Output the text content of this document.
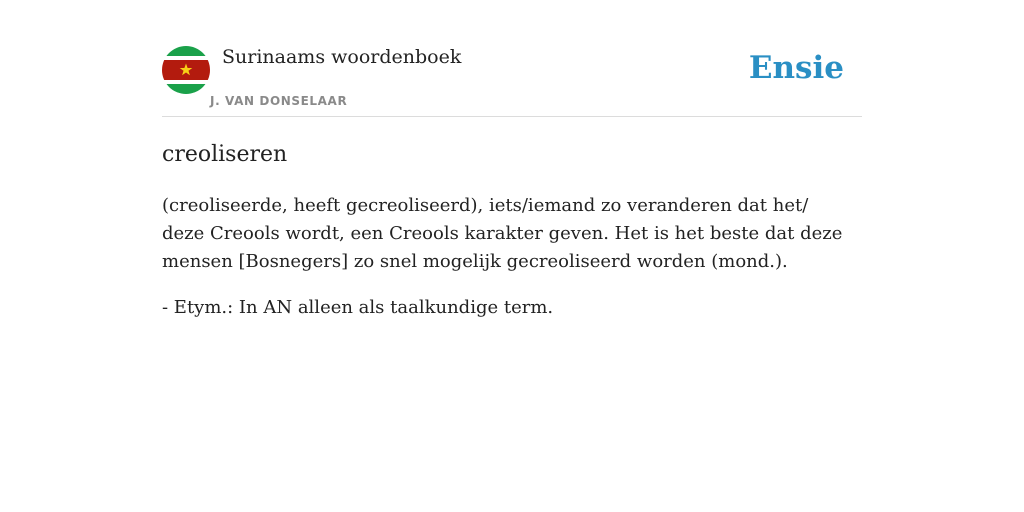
Surinaams woordenboek
J. VAN DONSELAAR
Ensie
creoliseren

(creoliseerde, heeft gecreoliseerd), iets/iemand zo veranderen dat het/ deze Creools wordt, een Creools karakter geven. Het is het beste dat deze mensen [Bosnegers] zo snel mogelijk gecreoliseerd worden (mond.).

- Etym.: In AN alleen als taalkundige term.
